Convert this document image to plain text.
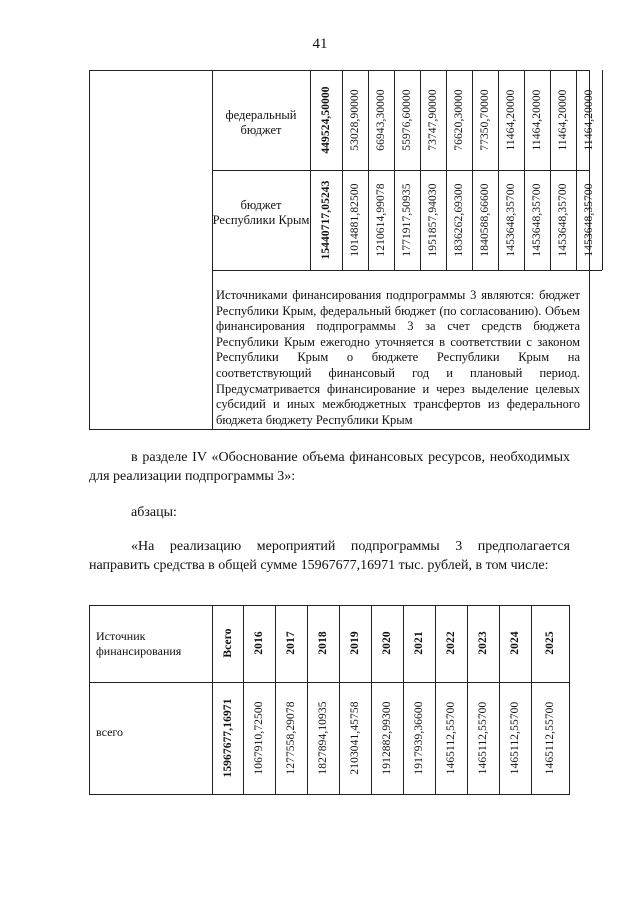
41
федеральный бюджет
бюджет Республики Крым
449524,50000 53028,90000 66943,30000 55976,60000 73747,90000 76620,30000 77350,70000 11464,20000 11464,20000 11464,20000 11464,20000
15440717,05243 1014881,82500 1210614,99078 1771917,50935 1951857,94030 1836262,69300 1840588,66600 1453648,35700 1453648,35700 1453648,35700 1453648,35700
Источниками финансирования подпрограммы 3 являются: бюджет Республики Крым, федеральный бюджет (по согласованию). Объем финансирования подпрограммы 3 за счет средств бюджета Республики Крым ежегодно уточняется в соответствии с законом Республики Крым о бюджете Республики Крым на соответствующий финансовый год и плановый период. Предусматривается финансирование и через выделение целевых субсидий и иных межбюджетных трансфертов из федерального бюджета бюджету Республики Крым
в разделе IV «Обоснование объема финансовых ресурсов, необходимых для реализации подпрограммы 3»:
абзацы:
«На реализацию мероприятий подпрограммы 3 предполагается направить средства в общей сумме 15967677,16971 тыс. рублей, в том числе:
Источник финансирования
всего
Всего 2016 2017 2018 2019 2020 2021 2022 2023 2024 2025
15967677,16971 1067910,72500 1277558,29078 1827894,10935 2103041,45758 1912882,99300 1917939,36600 1465112,55700 1465112,55700 1465112,55700 1465112,55700
